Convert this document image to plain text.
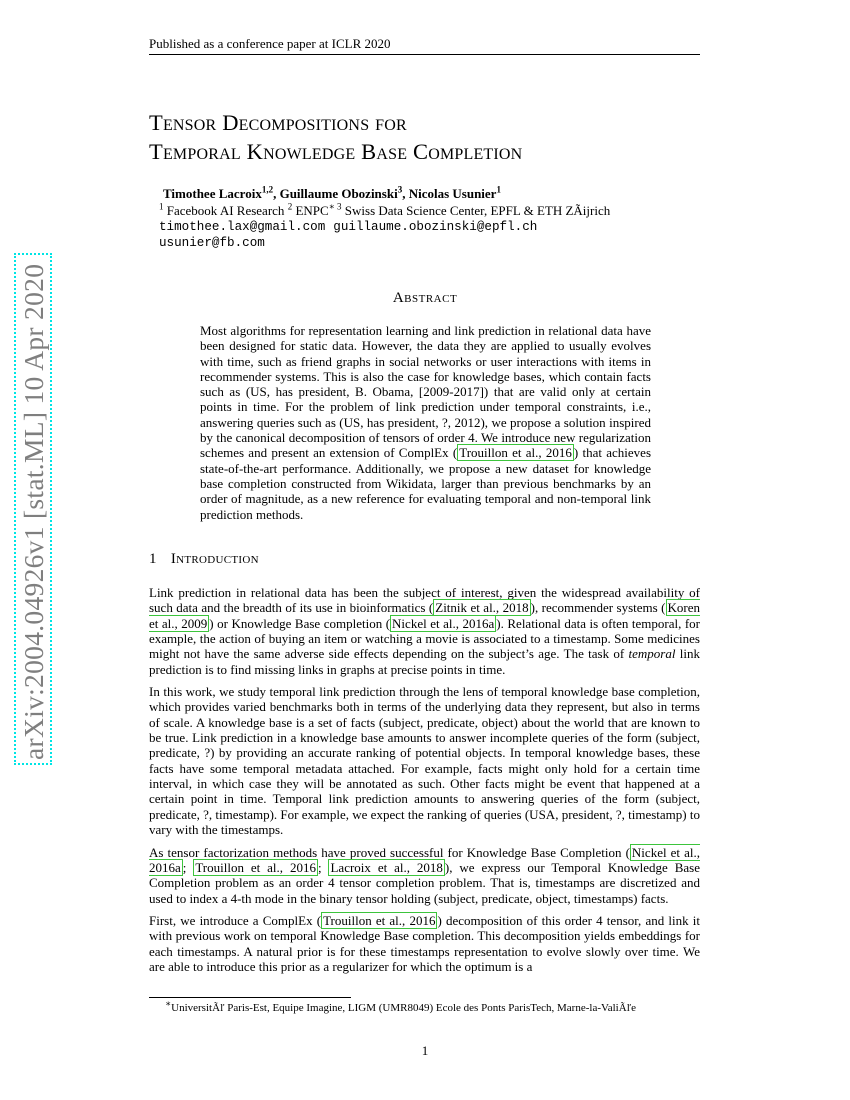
Published as a conference paper at ICLR 2020
arXiv:2004.04926v1 [stat.ML] 10 Apr 2020
Tensor Decompositions for
Temporal Knowledge Base Completion
Timothee Lacroix$^{1,2}$, Guillaume Obozinski$^3$, Nicolas Usunier$^1$
$^1$ Facebook AI Research $^2$ ENPC∗ $^3$ Swiss Data Science Center, EPFL & ETH ZÃijrich
timothee.lax@gmail.com guillaume.obozinski@epfl.ch
usunier@fb.com
Abstract
Most algorithms for representation learning and link prediction in relational data have been designed for static data. However, the data they are applied to usually evolves with time, such as friend graphs in social networks or user interactions with items in recommender systems. This is also the case for knowledge bases, which contain facts such as (US, has president, B. Obama, [2009-2017]) that are valid only at certain points in time. For the problem of link prediction under temporal constraints, i.e., answering queries such as (US, has president, ?, 2012), we propose a solution inspired by the canonical decomposition of tensors of order 4. We introduce new regularization schemes and present an extension of ComplEx ( Trouillon et al., 2016 ) that achieves state-of-the-art performance. Additionally, we propose a new dataset for knowledge base completion constructed from Wikidata, larger than previous benchmarks by an order of magnitude, as a new reference for evaluating temporal and non-temporal link prediction methods.
1 Introduction

Link prediction in relational data has been the subject of interest, given the widespread availability of such data and the breadth of its use in bioinformatics ( Zitnik et al., 2018 ), recommender systems ( Koren et al., 2009 ) or Knowledge Base completion ( Nickel et al., 2016a ). Relational data is often temporal, for example, the action of buying an item or watching a movie is associated to a timestamp. Some medicines might not have the same adverse side effects depending on the subject’s age. The task of temporal link prediction is to find missing links in graphs at precise points in time.

In this work, we study temporal link prediction through the lens of temporal knowledge base completion, which provides varied benchmarks both in terms of the underlying data they represent, but also in terms of scale. A knowledge base is a set of facts (subject, predicate, object) about the world that are known to be true. Link prediction in a knowledge base amounts to answer incomplete queries of the form (subject, predicate, ?) by providing an accurate ranking of potential objects. In temporal knowledge bases, these facts have some temporal metadata attached. For example, facts might only hold for a certain time interval, in which case they will be annotated as such. Other facts might be event that happened at a certain point in time. Temporal link prediction amounts to answering queries of the form (subject, predicate, ?, timestamp). For example, we expect the ranking of queries (USA, president, ?, timestamp) to vary with the timestamps.

As tensor factorization methods have proved successful for Knowledge Base Completion ( Nickel et al., 2016a ; Trouillon et al., 2016 ; Lacroix et al., 2018 ), we express our Temporal Knowledge Base Completion problem as an order 4 tensor completion problem. That is, timestamps are discretized and used to index a 4-th mode in the binary tensor holding (subject, predicate, object, timestamps) facts.

First, we introduce a ComplEx ( Trouillon et al., 2016 ) decomposition of this order 4 tensor, and link it with previous work on temporal Knowledge Base completion. This decomposition yields embeddings for each timestamps. A natural prior is for these timestamps representation to evolve slowly over time. We are able to introduce this prior as a regularizer for which the optimum is a

∗UniversitÃľ Paris-Est, Equipe Imagine, LIGM (UMR8049) Ecole des Ponts ParisTech, Marne-la-ValiÃľe
1
